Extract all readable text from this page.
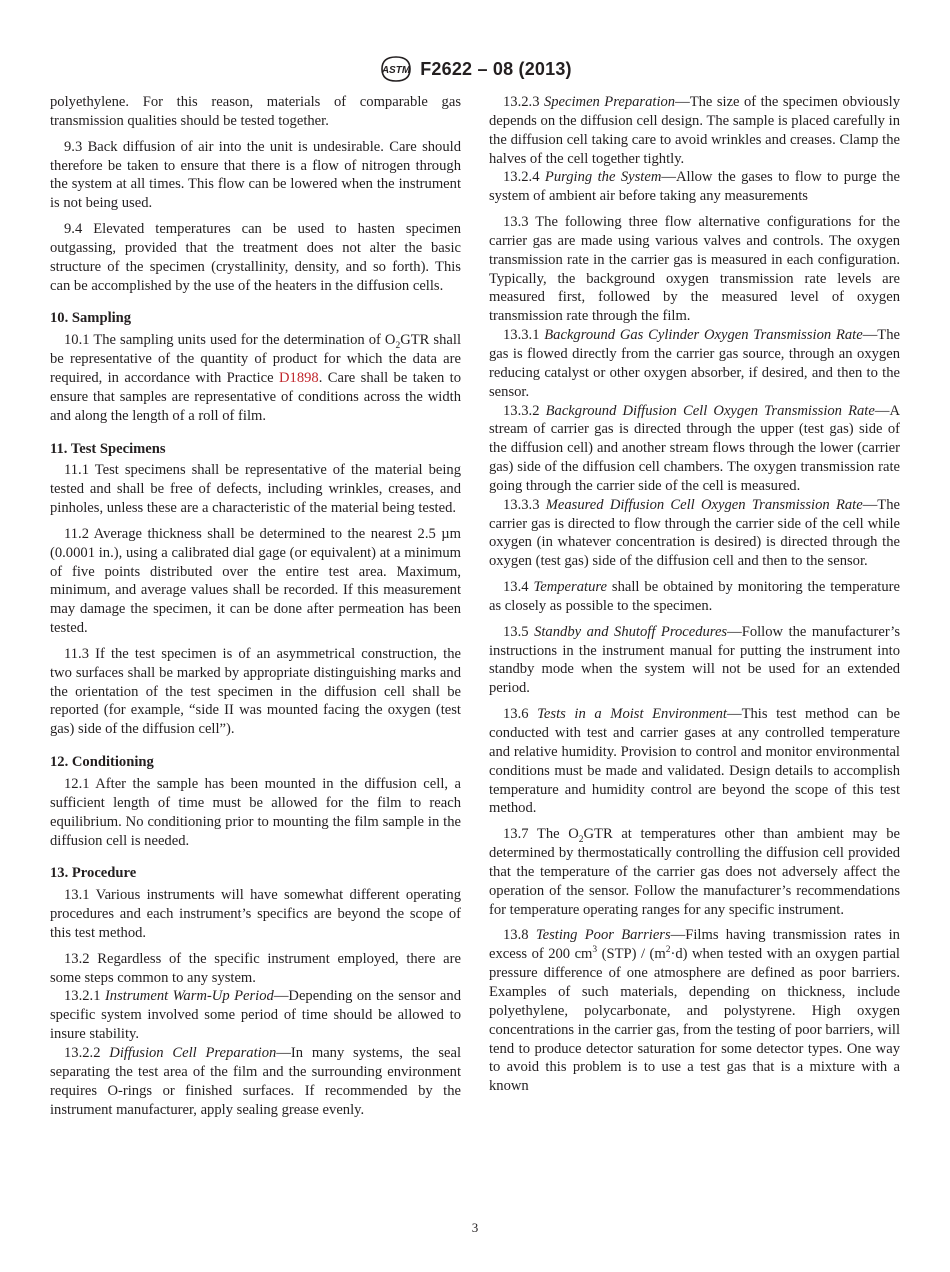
ASTM F2622 – 08 (2013)

polyethylene. For this reason, materials of comparable gas transmission qualities should be tested together.

9.3 Back diffusion of air into the unit is undesirable. Care should therefore be taken to ensure that there is a flow of nitrogen through the system at all times. This flow can be lowered when the instrument is not being used.

9.4 Elevated temperatures can be used to hasten specimen outgassing, provided that the treatment does not alter the basic structure of the specimen (crystallinity, density, and so forth). This can be accomplished by the use of the heaters in the diffusion cells.

10. Sampling

10.1 The sampling units used for the determination of $O_2GTR$ shall be representative of the quantity of product for which the data are required, in accordance with Practice D1898. Care shall be taken to ensure that samples are representative of conditions across the width and along the length of a roll of film.

11. Test Specimens

11.1 Test specimens shall be representative of the material being tested and shall be free of defects, including wrinkles, creases, and pinholes, unless these are a characteristic of the material being tested.

11.2 Average thickness shall be determined to the nearest 2.5 µm (0.0001 in.), using a calibrated dial gage (or equivalent) at a minimum of five points distributed over the entire test area. Maximum, minimum, and average values shall be recorded. If this measurement may damage the specimen, it can be done after permeation has been tested.

11.3 If the test specimen is of an asymmetrical construction, the two surfaces shall be marked by appropriate distinguishing marks and the orientation of the test specimen in the diffusion cell shall be reported (for example, “side II was mounted facing the oxygen (test gas) side of the diffusion cell”).

12. Conditioning

12.1 After the sample has been mounted in the diffusion cell, a sufficient length of time must be allowed for the film to reach equilibrium. No conditioning prior to mounting the film sample in the diffusion cell is needed.

13. Procedure

13.1 Various instruments will have somewhat different operating procedures and each instrument’s specifics are beyond the scope of this test method.

13.2 Regardless of the specific instrument employed, there are some steps common to any system.

13.2.1 Instrument Warm-Up Period—Depending on the sensor and specific system involved some period of time should be allowed to insure stability.

13.2.2 Diffusion Cell Preparation—In many systems, the seal separating the test area of the film and the surrounding environment requires O-rings or finished surfaces. If recommended by the instrument manufacturer, apply sealing grease evenly.

13.2.3 Specimen Preparation—The size of the specimen obviously depends on the diffusion cell design. The sample is placed carefully in the diffusion cell taking care to avoid wrinkles and creases. Clamp the halves of the cell together tightly.

13.2.4 Purging the System—Allow the gases to flow to purge the system of ambient air before taking any measurements

13.3 The following three flow alternative configurations for the carrier gas are made using various valves and controls. The oxygen transmission rate in the carrier gas is measured in each configuration. Typically, the background oxygen transmission rate levels are measured first, followed by the measured level of oxygen transmission rate through the film.

13.3.1 Background Gas Cylinder Oxygen Transmission Rate—The gas is flowed directly from the carrier gas source, through an oxygen reducing catalyst or other oxygen absorber, if desired, and then to the sensor.

13.3.2 Background Diffusion Cell Oxygen Transmission Rate—A stream of carrier gas is directed through the upper (test gas) side of the diffusion cell) and another stream flows through the lower (carrier gas) side of the diffusion cell chambers. The oxygen transmission rate going through the carrier side of the cell is measured.

13.3.3 Measured Diffusion Cell Oxygen Transmission Rate—The carrier gas is directed to flow through the carrier side of the cell while oxygen (in whatever concentration is desired) is directed through the oxygen (test gas) side of the diffusion cell and then to the sensor.

13.4 Temperature shall be obtained by monitoring the temperature as closely as possible to the specimen.

13.5 Standby and Shutoff Procedures—Follow the manufacturer’s instructions in the instrument manual for putting the instrument into standby mode when the system will not be used for an extended period.

13.6 Tests in a Moist Environment—This test method can be conducted with test and carrier gases at any controlled temperature and relative humidity. Provision to control and monitor environmental conditions must be made and validated. Design details to accomplish temperature and humidity control are beyond the scope of this test method.

13.7 The $O_2GTR$ at temperatures other than ambient may be determined by thermostatically controlling the diffusion cell provided that the temperature of the carrier gas does not adversely affect the operation of the sensor. Follow the manufacturer’s recommendations for temperature operating ranges for any specific instrument.

13.8 Testing Poor Barriers—Films having transmission rates in excess of 200 $cm^3$ $(STP) / (m^2\cdot d)$ when tested with an oxygen partial pressure difference of one atmosphere are defined as poor barriers. Examples of such materials, depending on thickness, include polyethylene, polycarbonate, and polystyrene. High oxygen concentrations in the carrier gas, from the testing of poor barriers, will tend to produce detector saturation for some detector types. One way to avoid this problem is to use a test gas that is a mixture with a known

3
